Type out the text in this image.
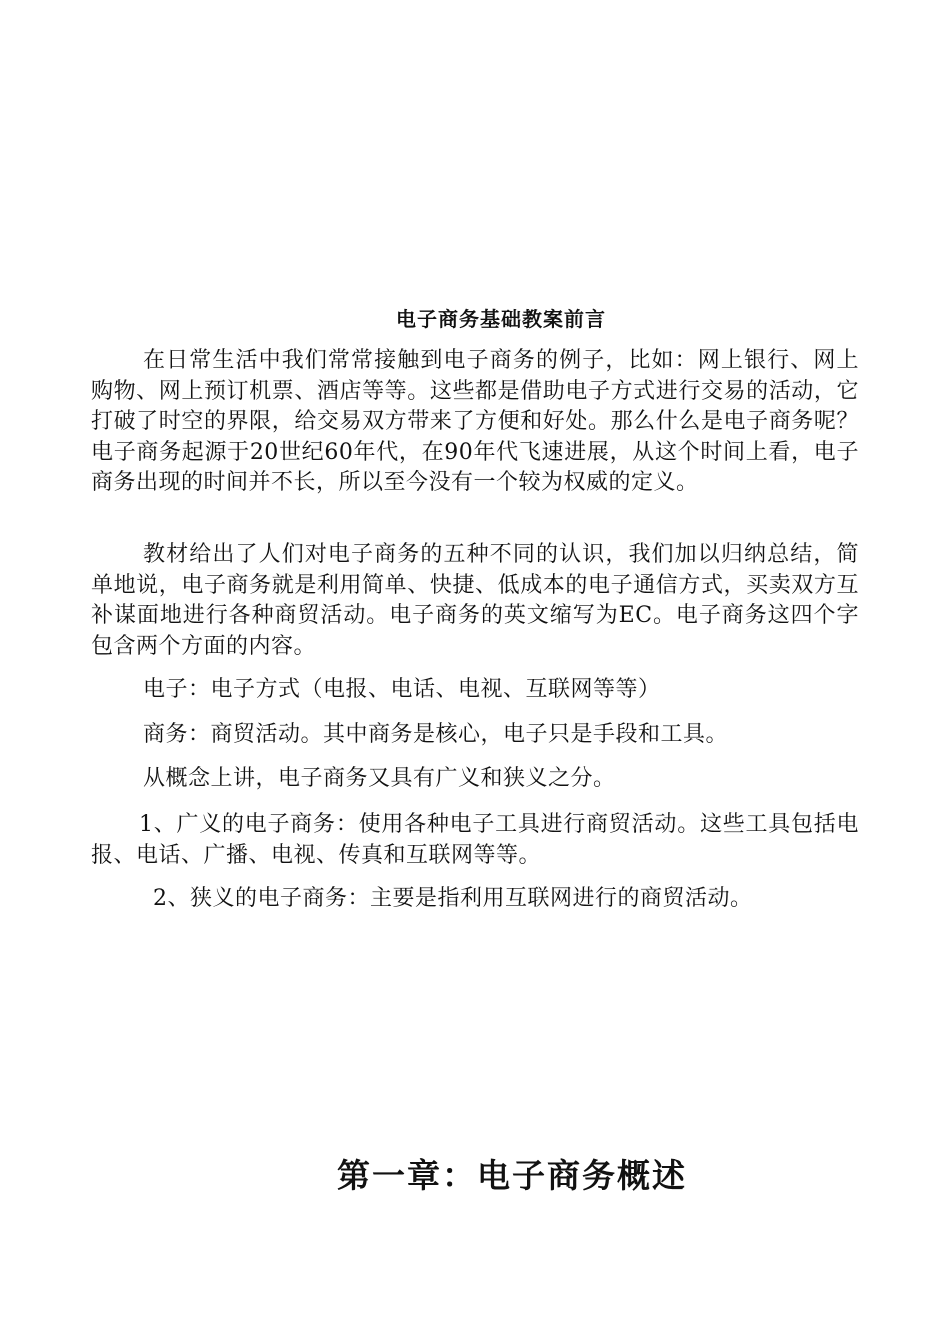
电子商务基础教案前言
在日常生活中我们常常接触到电子商务的例子，比如：网上银行、网上购物、网上预订机票、酒店等等。这些都是借助电子方式进行交易的活动，它打破了时空的界限，给交易双方带来了方便和好处。那么什么是电子商务呢？电子商务起源于20世纪60年代，在90年代飞速进展，从这个时间上看，电子商务出现的时间并不长，所以至今没有一个较为权威的定义。
教材给出了人们对电子商务的五种不同的认识，我们加以归纳总结，简单地说，电子商务就是利用简单、快捷、低成本的电子通信方式，买卖双方互补谋面地进行各种商贸活动。电子商务的英文缩写为EC。电子商务这四个字包含两个方面的内容。
电子：电子方式（电报、电话、电视、互联网等等）
商务：商贸活动。其中商务是核心，电子只是手段和工具。
从概念上讲，电子商务又具有广义和狭义之分。
1、广义的电子商务：使用各种电子工具进行商贸活动。这些工具包括电报、电话、广播、电视、传真和互联网等等。
2、狭义的电子商务：主要是指利用互联网进行的商贸活动。
第一章：电子商务概述
